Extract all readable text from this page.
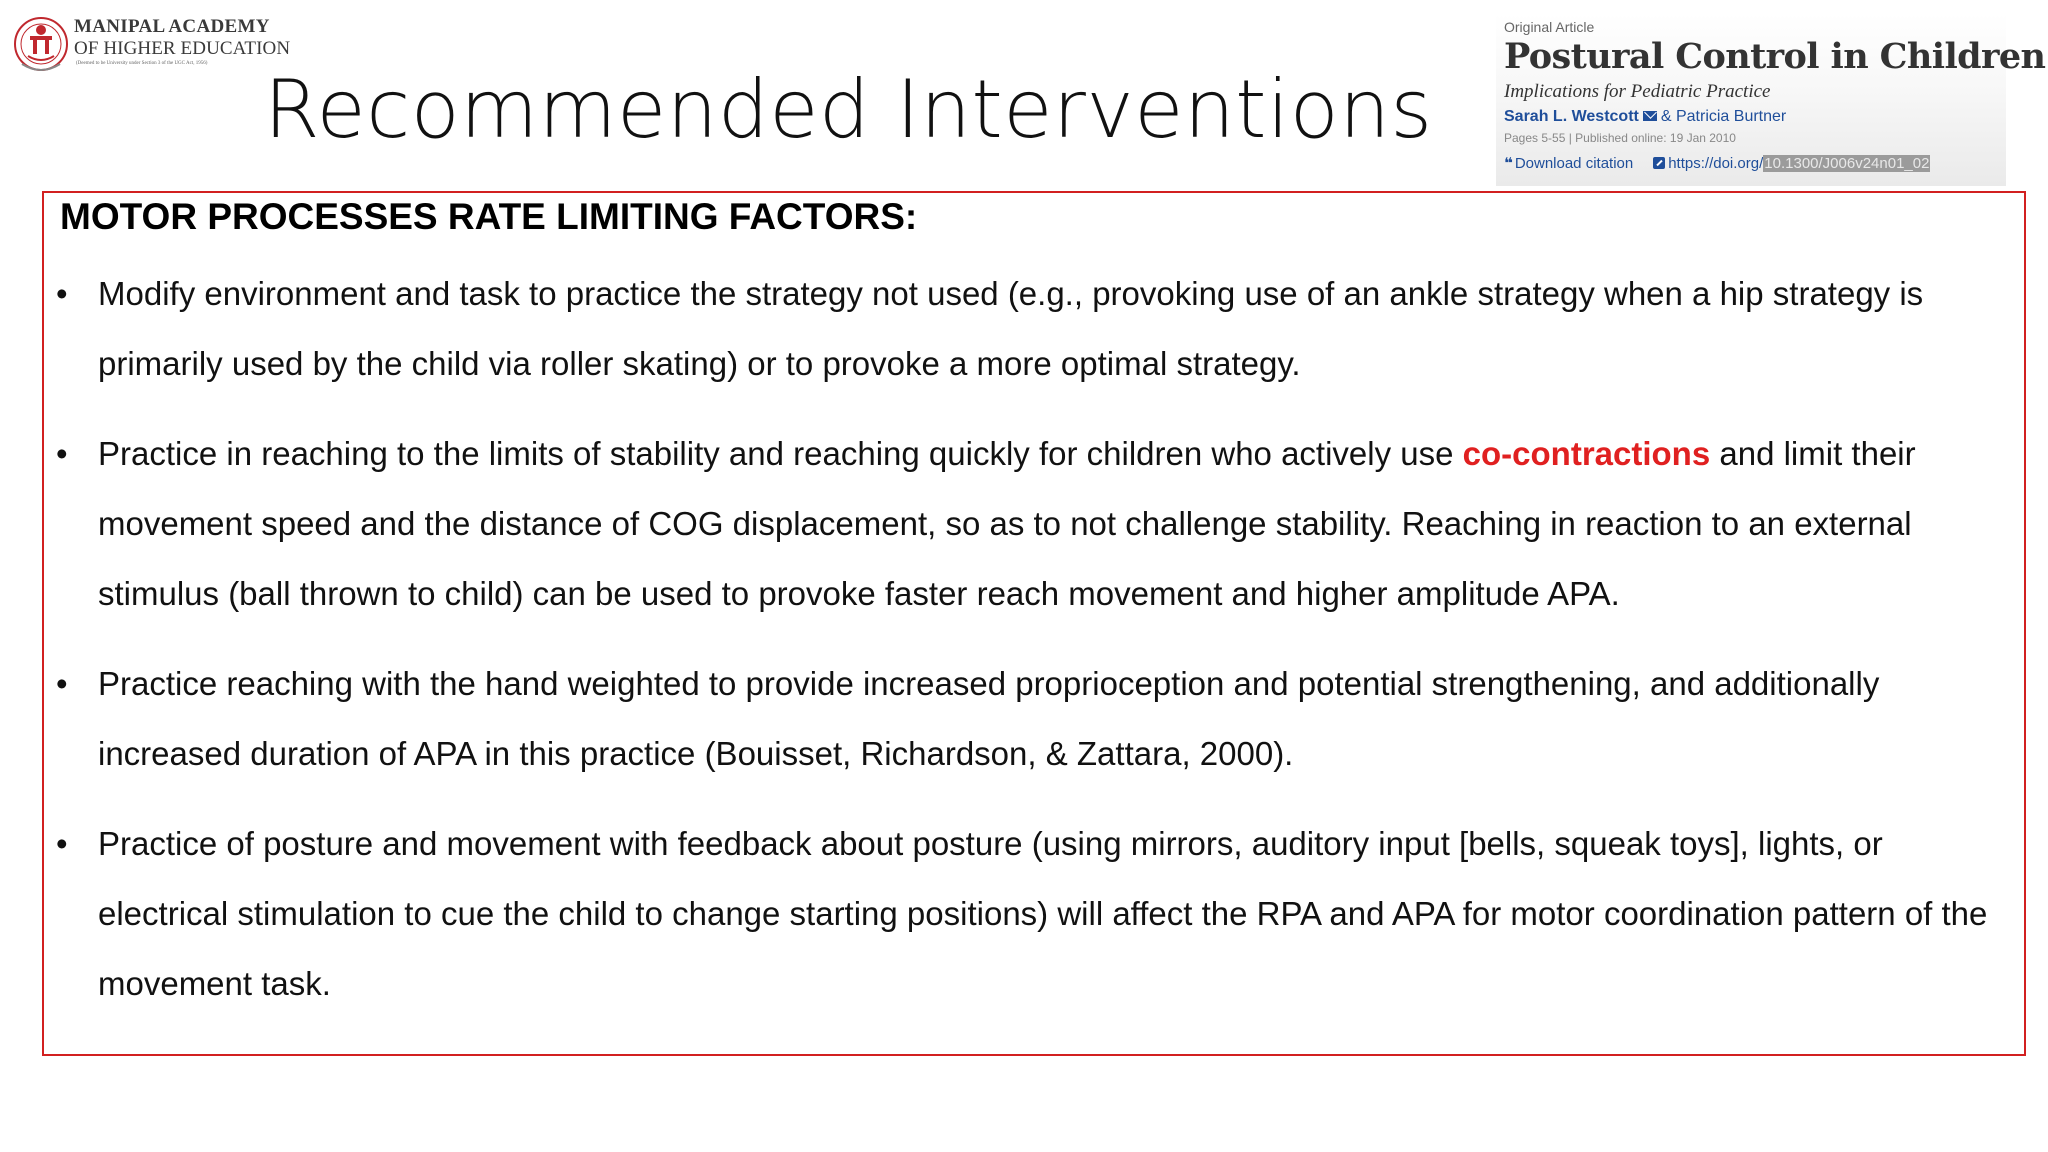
MANIPAL ACADEMY
OF HIGHER EDUCATION
(Deemed to be University under Section 3 of the UGC Act, 1956) Recommended Interventions
Original Article
Postural Control in Children
Implications for Pediatric Practice
Sarah L. Westcott & Patricia Burtner
Pages 5-55 | Published online: 19 Jan 2010
❝ Download citation https://doi.org/10.1300/J006v24n01_02
MOTOR PROCESSES RATE LIMITING FACTORS:
• Modify environment and task to practice the strategy not used (e.g., provoking use of an ankle strategy when a hip strategy is primarily used by the child via roller skating) or to provoke a more optimal strategy.
• Practice in reaching to the limits of stability and reaching quickly for children who actively use co-contractions and limit their movement speed and the distance of COG displacement, so as to not challenge stability. Reaching in reaction to an external stimulus (ball thrown to child) can be used to provoke faster reach movement and higher amplitude APA.
• Practice reaching with the hand weighted to provide increased proprioception and potential strengthening, and additionally increased duration of APA in this practice (Bouisset, Richardson, & Zattara, 2000).
• Practice of posture and movement with feedback about posture (using mirrors, auditory input [bells, squeak toys], lights, or electrical stimulation to cue the child to change starting positions) will affect the RPA and APA for motor coordination pattern of the movement task.
